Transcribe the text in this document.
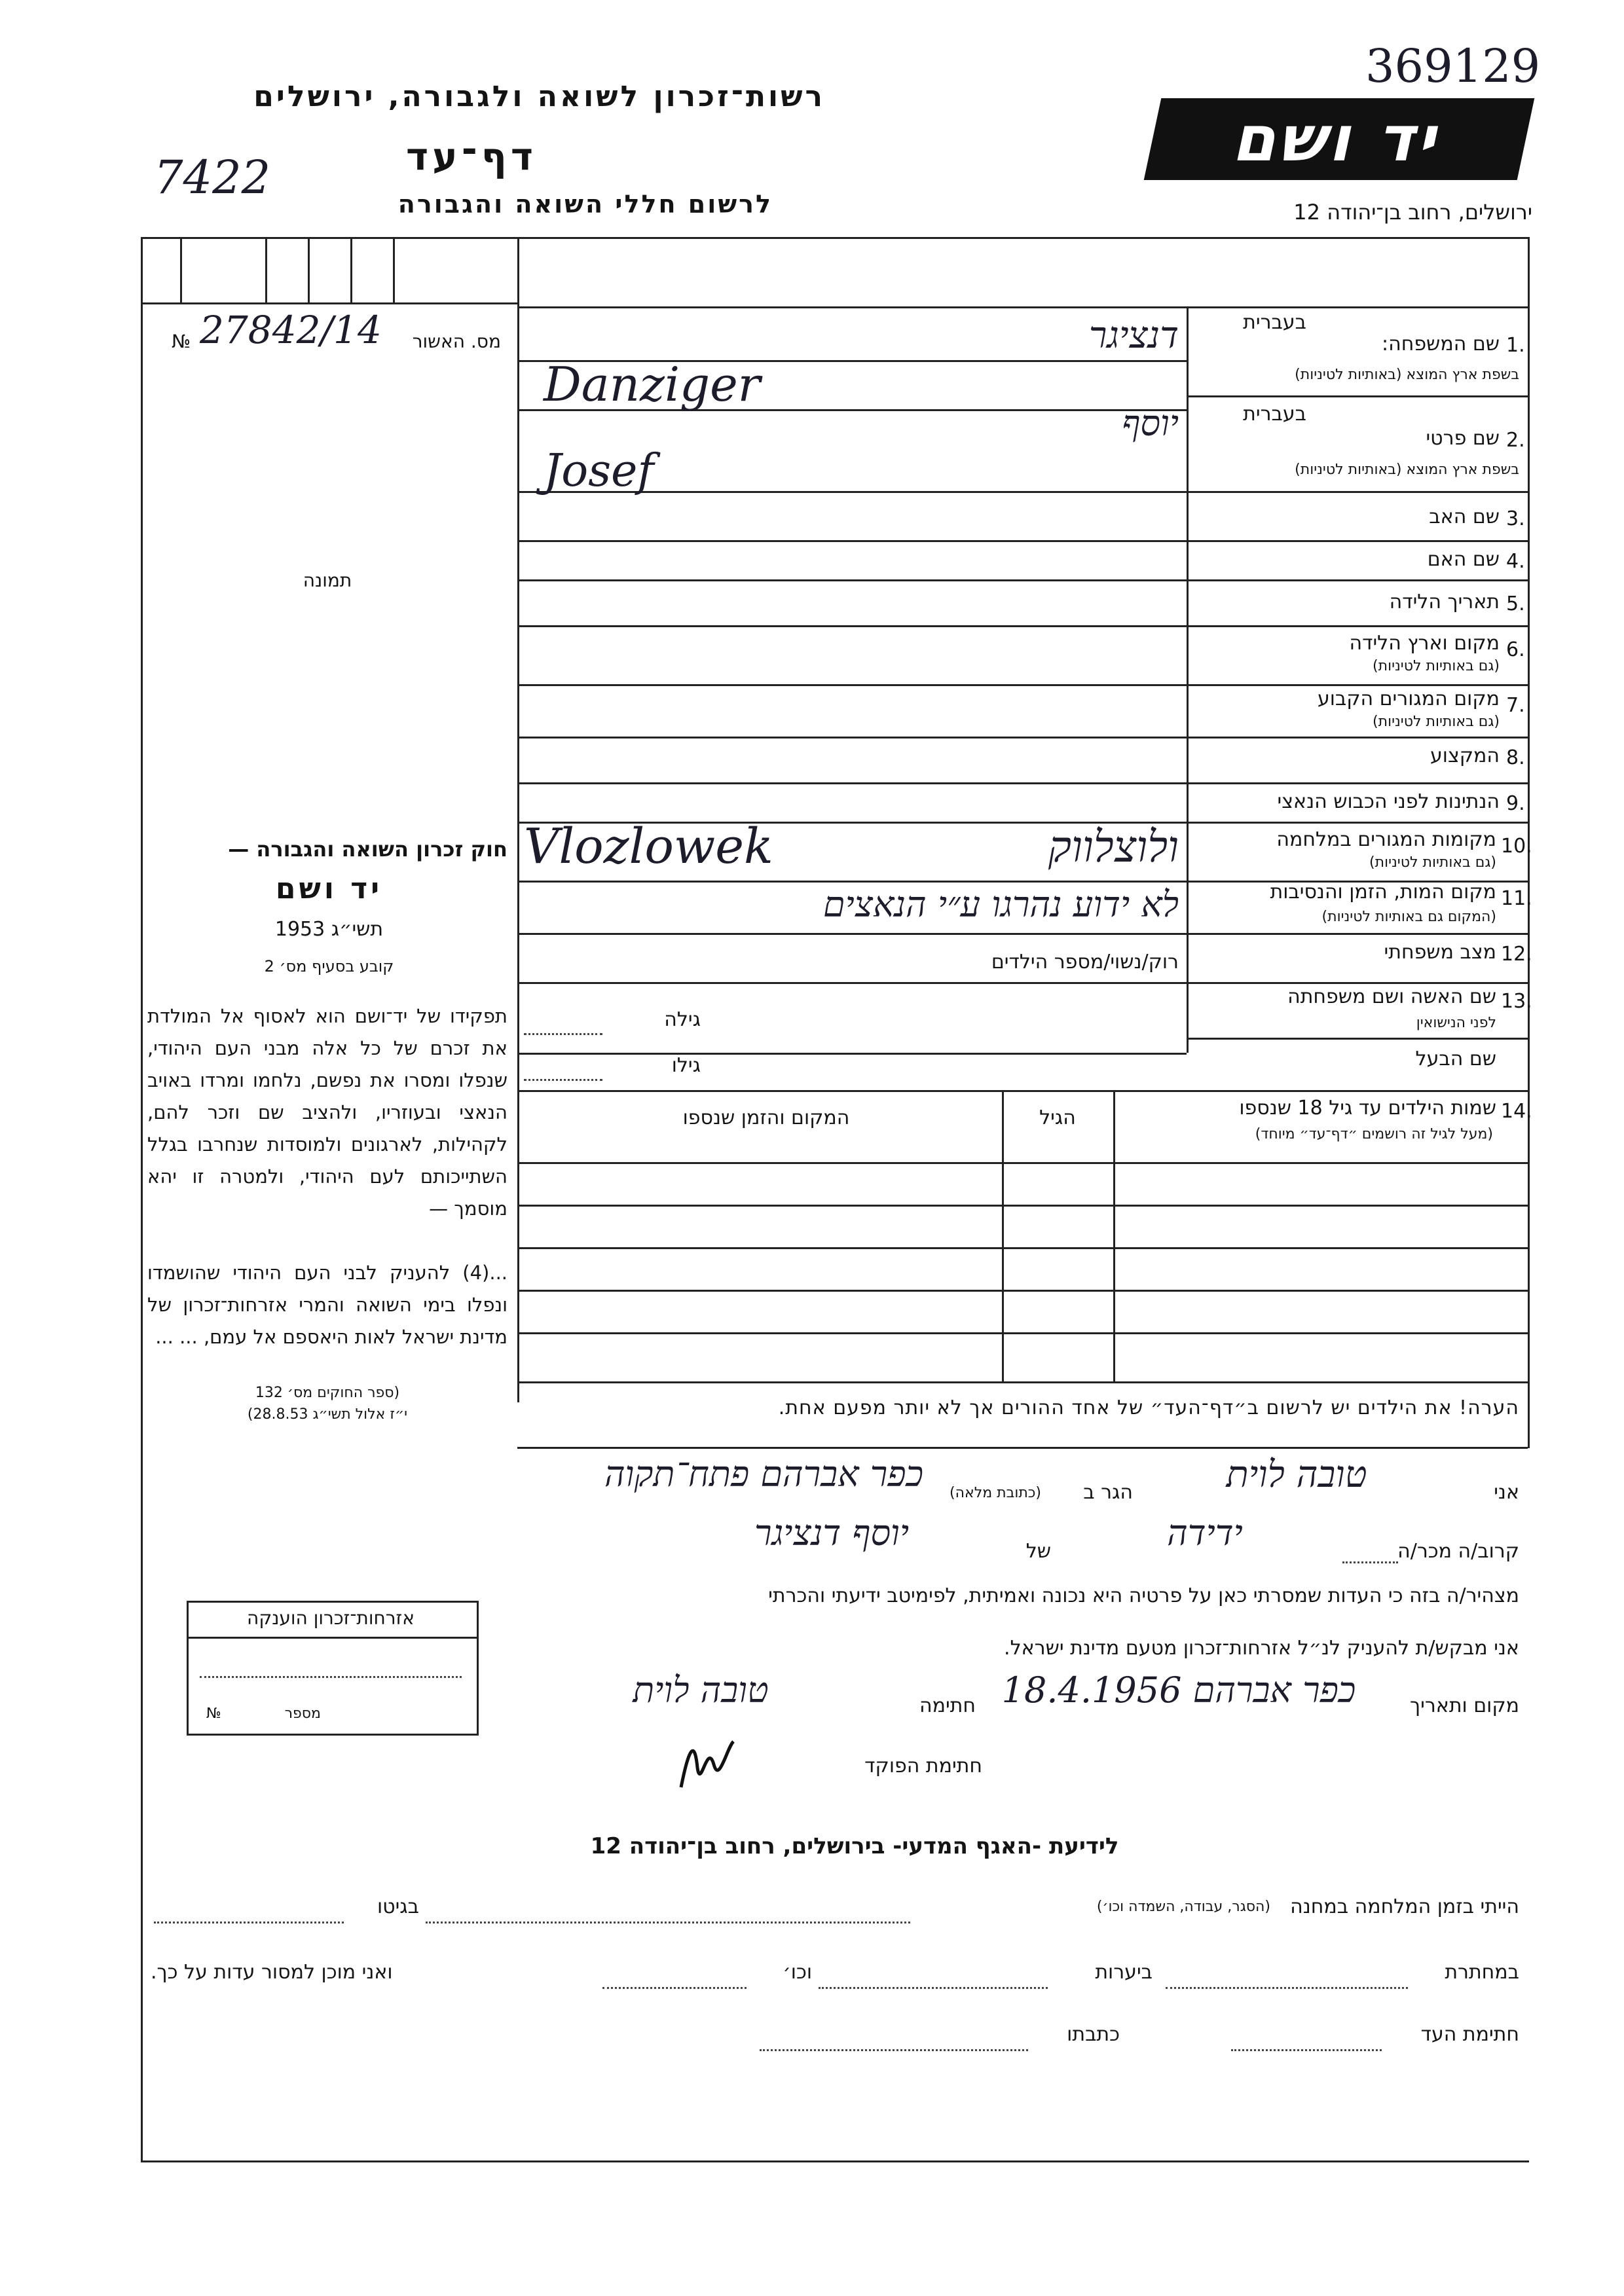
רשות־זכרון לשואה ולגבורה, ירושלים
דף־עד
7422	לרשום חללי השואה והגבורה
369129
יד ושם
ירושלים, רחוב בן־יהודה 12
מס. האשור
№ 27842/14
תמונה
חוק זכרון השואה והגבורה —
יד ושם
תשי״ג 1953
קובע בסעיף מס׳ 2
תפקידו של יד־ושם הוא לאסוף אל המולדת את זכרם של כל אלה מבני העם היהודי, שנפלו ומסרו את נפשם, נלחמו ומרדו באויב הנאצי ובעוזריו, ולהציב שם וזכר להם, לקהילות, לארגונים ולמוסדות שנחרבו בגלל השתייכותם לעם היהודי, ולמטרה זו יהא מוסמך —
...(4) להעניק לבני העם היהודי שהושמדו ונפלו בימי השואה והמרי אזרחות־זכרון של מדינת ישראל לאות היאספם אל עמם, ... ...
(ספר החוקים מס׳ 132
י״ז אלול תשי״ג 28.8.53)
1.
שם המשפחה:
בעברית
בשפת ארץ המוצא (באותיות לטיניות)
דנציגר
Danziger
2.
שם פרטי
בעברית
בשפת ארץ המוצא (באותיות לטיניות)
יוסף
Josef
3.
שם האב
4.
שם האם
5.
תאריך הלידה
6.
מקום וארץ הלידה
(גם באותיות לטיניות)
7.
מקום המגורים הקבוע
(גם באותיות לטיניות)
8.
המקצוע
9.
הנתינות לפני הכבוש הנאצי
10.
מקומות המגורים במלחמה
(גם באותיות לטיניות)
Vlozlowek	ולוצלווק
11.
מקום המות, הזמן והנסיבות
(המקום גם באותיות לטיניות)
לא ידוע נהרגו ע״י הנאצים
12.
מצב משפחתי
רוק/נשוי/מספר הילדים
13.
שם האשה ושם משפחתה
לפני הנישואין
גילה
שם הבעל
גילו
14.
שמות הילדים עד גיל 18 שנספו
(מעל לגיל זה רושמים ״דף־עד״ מיוחד)
הגיל
המקום והזמן שנספו
הערה! את הילדים יש לרשום ב״דף־העד״ של אחד ההורים אך לא יותר מפעם אחת.
אני
טובה לוית
הגר ב
(כתובת מלאה)
כפר אברהם פתח־תקוה
קרוב/ה מכר/ה
ידידה
של
יוסף דנציגר
מצהיר/ה בזה כי העדות שמסרתי כאן על פרטיה היא נכונה ואמיתית, לפימיטב ידיעתי והכרתי
אני מבקש/ת להעניק לנ״ל אזרחות־זכרון מטעם מדינת ישראל.
מקום ותאריך
כפר אברהם 18.4.1956
חתימה
טובה לוית
חתימת הפוקד
אזרחות־זכרון הוענקה
מספר
№
לידיעת -האגף המדעי- בירושלים, רחוב בן־יהודה 12
הייתי בזמן המלחמה במחנה
(הסגר, עבודה, השמדה וכו׳)
בגיטו
במחתרת
ביערות
וכו׳
ואני מוכן למסור עדות על כך.
חתימת העד
כתבתו
